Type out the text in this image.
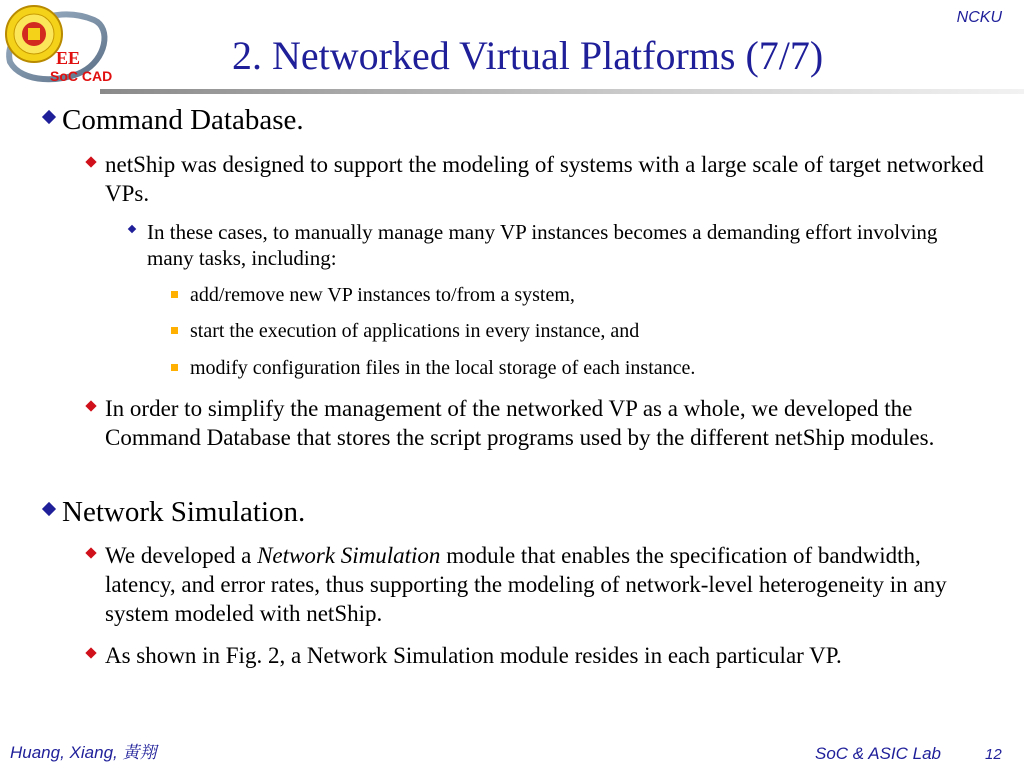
EE
SoC CAD
NCKU
2. Networked Virtual Platforms (7/7)
Command Database.
netShip was designed to support the modeling of systems with a large scale of target networked VPs.
In these cases, to manually manage many VP instances becomes a demanding effort involving many tasks, including:
add/remove new VP instances to/from a system,
start the execution of applications in every instance, and
modify configuration files in the local storage of each instance.
In order to simplify the management of the networked VP as a whole, we developed the Command Database that stores the script programs used by the different netShip modules.
Network Simulation.
We developed a Network Simulation module that enables the specification of bandwidth, latency, and error rates, thus supporting the modeling of network-level heterogeneity in any system modeled with netShip.
As shown in Fig. 2, a Network Simulation module resides in each particular VP.
Huang, Xiang, 黃翔	SoC & ASIC Lab	12
